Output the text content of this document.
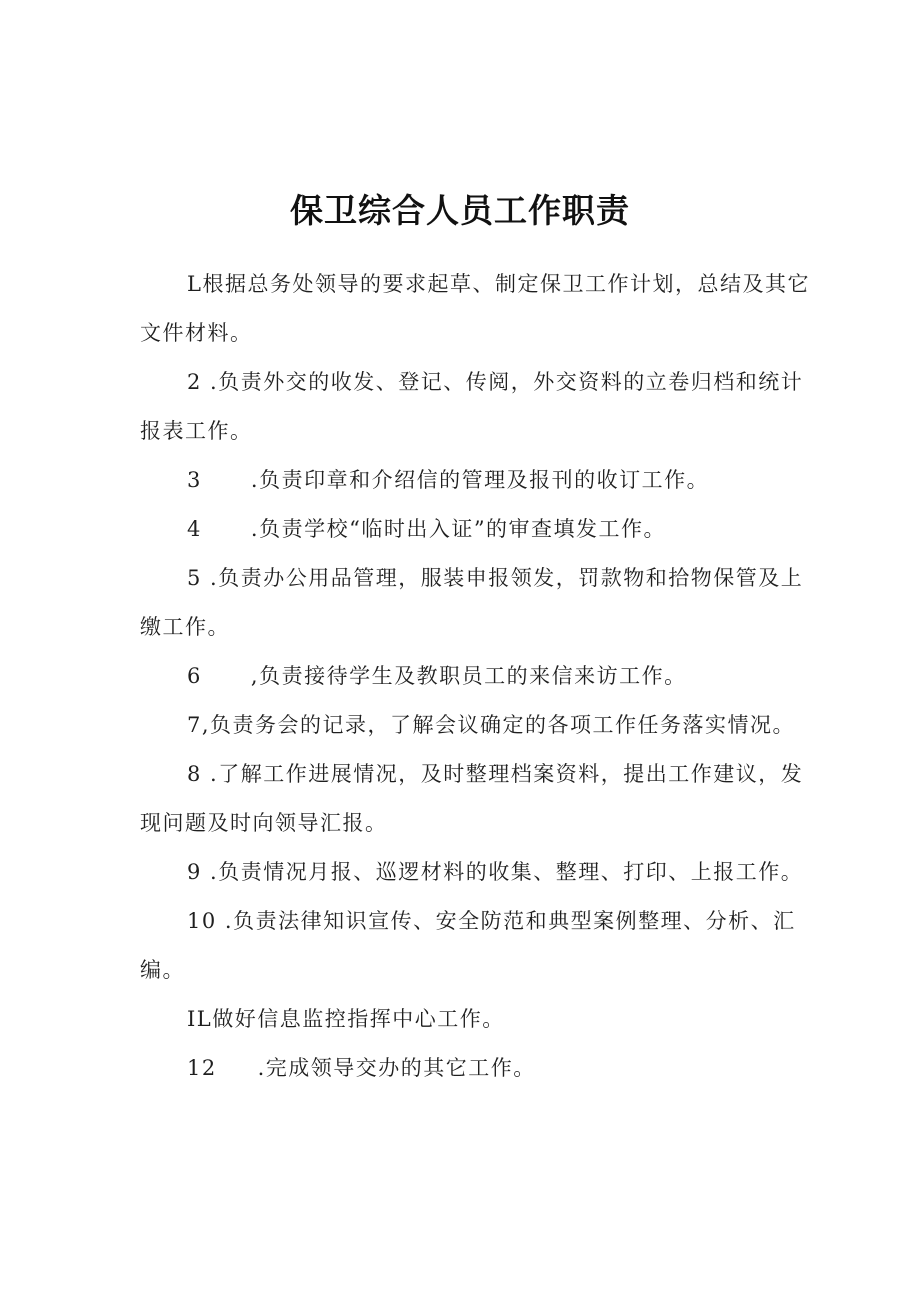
保卫综合人员工作职责

L根据总务处领导的要求起草、制定保卫工作计划，总结及其它文件材料。

2 .负责外交的收发、登记、传阅，外交资料的立卷归档和统计报表工作。

3      .负责印章和介绍信的管理及报刊的收订工作。

4      .负责学校“临时出入证”的审查填发工作。

5 .负责办公用品管理，服装申报领发，罚款物和拾物保管及上缴工作。

6      ,负责接待学生及教职员工的来信来访工作。

7,负责务会的记录，了解会议确定的各项工作任务落实情况。

8 .了解工作进展情况，及时整理档案资料，提出工作建议，发现问题及时向领导汇报。

9 .负责情况月报、巡逻材料的收集、整理、打印、上报工作。

10 .负责法律知识宣传、安全防范和典型案例整理、分析、汇编。

IL做好信息监控指挥中心工作。

12     .完成领导交办的其它工作。
